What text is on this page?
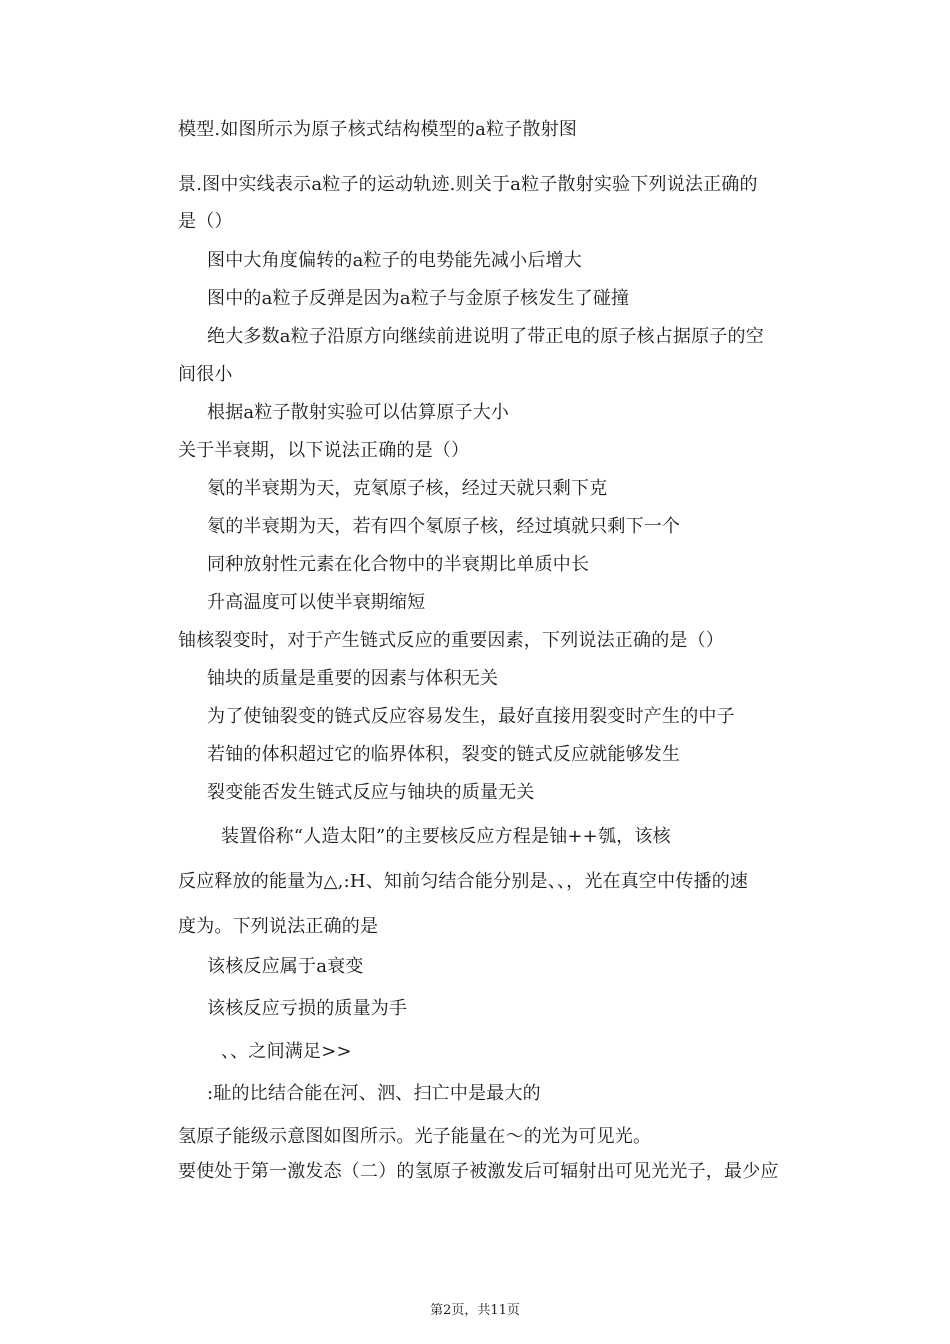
模型.如图所示为原子核式结构模型的a粒子散射图
景.图中实线表示a粒子的运动轨迹.则关于a粒子散射实验下列说法正确的
是（）
图中大角度偏转的a粒子的电势能先减小后增大
图中的a粒子反弹是因为a粒子与金原子核发生了碰撞
绝大多数a粒子沿原方向继续前进说明了带正电的原子核占据原子的空
间很小
根据a粒子散射实验可以估算原子大小
关于半衰期，以下说法正确的是（）
氡的半衰期为天，克氡原子核，经过天就只剩下克
氡的半衰期为天，若有四个氡原子核，经过填就只剩下一个
同种放射性元素在化合物中的半衰期比单质中长
升高温度可以使半衰期缩短
铀核裂变时，对于产生链式反应的重要因素，下列说法正确的是（）
铀块的质量是重要的因素与体积无关
为了使铀裂变的链式反应容易发生，最好直接用裂变时产生的中子
若铀的体积超过它的临界体积，裂变的链式反应就能够发生
裂变能否发生链式反应与铀块的质量无关
装置俗称“人造太阳”的主要核反应方程是铀++瓠，该核
反应释放的能量为△,:H、知前匀结合能分别是、、，光在真空中传播的速
度为。下列说法正确的是
该核反应属于a衰变
该核反应亏损的质量为手
、、之间满足>>
:耻的比结合能在河、泗、扫亡中是最大的
氢原子能级示意图如图所示。光子能量在〜的光为可见光。
要使处于第一激发态（二）的氢原子被激发后可辐射出可见光光子，最少应
第2页，共11页
